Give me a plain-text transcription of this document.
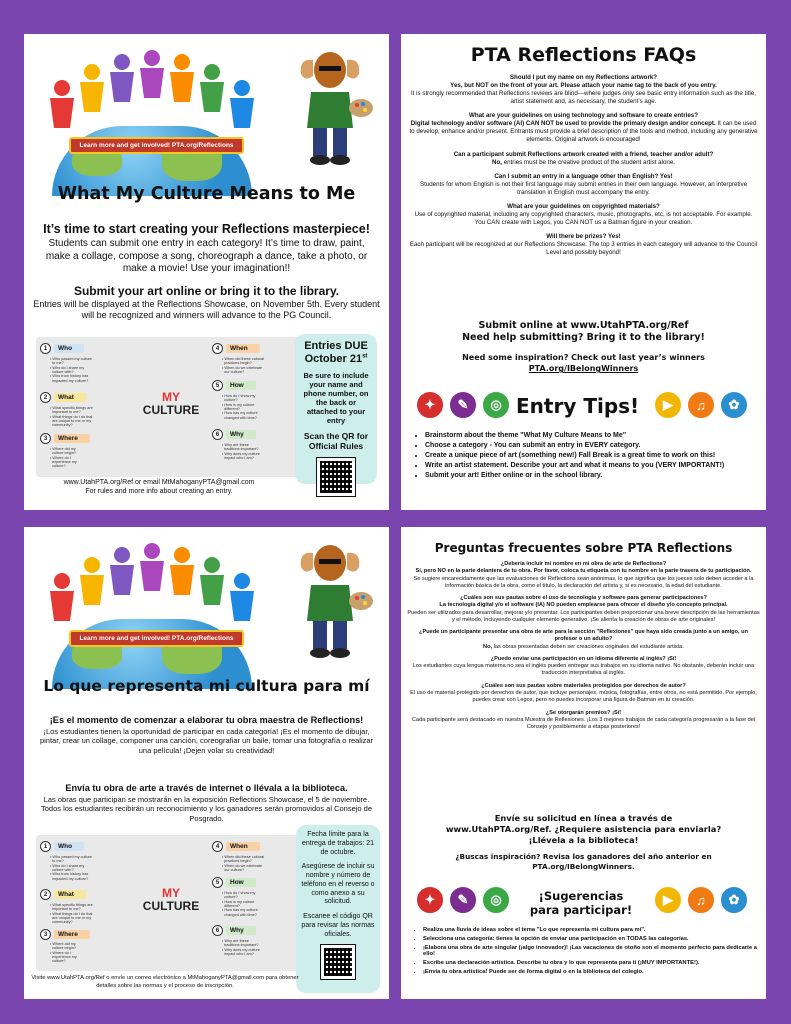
Learn more and get involved! PTA.org/Reflections
What My Culture Means to Me
It’s time to start creating your Reflections masterpiece!
Students can submit one entry in each category! It’s time to draw, paint, make a collage, compose a song, choreograph a dance, take a photo, or make a movie! Use your imagination!!
Submit your art online or bring it to the library.
Entries will be displayed at the Reflections Showcase, on November 5th. Every student will be recognized and winners will advance to the PG Council.
MY
CULTURE
1	Who
• Who passed my culture
to me?
• Who do I share my
culture with?
• Who from history has
impacted my culture?
2	What
• What specific things are
important to me?
• What things do I do that
are unique to me or my
community?
3	Where
• Where did my
culture begin?
• Where do I
experience my
culture?
4	When
• When did these cultural
practices begin?
• When do we celebrate
our culture?
5	How
• How do I show my
culture?
• How is my culture
different?
• How has my culture
changed with time?
6	Why
• Why are these
traditions important?
• Why does my culture
impact who I am?
Entries DUE
October 21st
Be sure to include your name and phone number, on the back or attached to your entry
Scan the QR for Official Rules
www.UtahPTA.org/Ref or email MtMahoganyPTA@gmail.com
For rules and more info about creating an entry.
PTA Reflections FAQs
Should I put my name on my Reflections artwork?
Yes, but NOT on the front of your art. Please attach your name tag to the back of you entry.
It is strongly recommended that Reflections reviews are blind—where judges only see basic entry information such as the title, artist statement and, as necessary, the student’s age.
What are your guidelines on using technology and software to create entries?
Digital technology and/or software (AI) CAN NOT be used to provide the primary design and/or concept. It can be used to develop, enhance and/or present. Entrants must provide a brief description of the tools and method, including any generative elements. Original artwork is encouraged!
Can a participant submit Reflections artwork created with a friend, teacher and/or adult?
No, entries must be the creative product of the student artist alone.
Can I submit an entry in a language other than English? Yes!
Students for whom English is not their first language may submit entries in their own language. However, an interpretive translation in English must accompany the entry.
What are your guidelines on copyrighted materials?
Use of copyrighted material, including any copyrighted characters, music, photographs, etc, is not acceptable. For example. You CAN create with Legos, you CAN NOT us a Batman figure in your creation.
Will there be prizes? Yes!
Each participant will be recognized at our Reflections Showcase. The top 3 entries in each category will advance to the Council Level and possibly beyond!
Submit online at www.UtahPTA.org/Ref
Need help submitting? Bring it to the library!
Need some inspiration? Check out last year’s winners
PTA.org/IBelongWinners
✦	✎	◎ Entry Tips!	▶	♫	✿
• Brainstorm about the theme "What My Culture Means to Me"
• Choose a category - You can submit an entry in EVERY category.
• Create a unique piece of art (something new!) Fall Break is a great time to work on this!
• Write an artist statement. Describe your art and what it means to you (VERY IMPORTANT!)
• Submit your art! Either online or in the school library.
Learn more and get involved! PTA.org/Reflections
Lo que representa mi cultura para mí
¡Es el momento de comenzar a elaborar tu obra maestra de Reflections!
¡Los estudiantes tienen la oportunidad de participar en cada categoría! ¡Es el momento de dibujar, pintar, crear un collage, componer una canción, coreografiar un baile, tomar una fotografía o realizar una película! ¡Dejen volar su creatividad!
Envía tu obra de arte a través de internet o llévala a la biblioteca.
Las obras que participan se mostrarán en la exposición Reflections Showcase, el 5 de noviembre. Todos los estudiantes recibirán un reconocimiento y los ganadores serán promovidos al Consejo de Posgrado.
MY
CULTURE
1	Who
• Who passed my culture
to me?
• Who do I share my
culture with?
• Who from history has
impacted my culture?
2	What
• What specific things are
important to me?
• What things do I do that
are unique to me or my
community?
3	Where
• Where did my
culture begin?
• Where do I
experience my
culture?
4	When
• When did these cultural
practices begin?
• When do we celebrate
our culture?
5	How
• How do I show my
culture?
• How is my culture
different?
• How has my culture
changed with time?
6	Why
• Why are these
traditions important?
• Why does my culture
impact who I am?
Fecha límite para la entrega de trabajos: 21 de octubre.
Asegúrese de incluir su nombre y número de teléfono en el reverso o como anexo a su solicitud.
Escanee el código QR para revisar las normas oficiales.
Visite www.UtahPTA.org/Ref o envíe un correo electrónico a MtMahoganyPTA@gmail.com para obtener detalles sobre las normas y el proceso de inscripción.
Preguntas frecuentes sobre PTA Reflections
¿Debería incluir mi nombre en mi obra de arte de Reflections?
Sí, pero NO en la parte delantera de tu obra. Por favor, coloca tu etiqueta con tu nombre en la parte trasera de tu participación.
Se sugiere encarecidamente que las evaluaciones de Reflections sean anónimas, lo que significa que los jueces solo deben acceder a la información básica de la obra, como el título, la declaración del artista y, si es necesario, la edad del estudiante.
¿Cuáles son sus pautas sobre el uso de tecnología y software para generar participaciones?
La tecnología digital y/o el software (IA) NO pueden emplearse para ofrecer el diseño y/o concepto principal.
Pueden ser utilizados para desarrollar, mejorar y/o presentar. Los participantes deben proporcionar una breve descripción de las herramientas y el método, incluyendo cualquier elemento generativo. ¡Se alienta la creación de obras de arte originales!
¿Puede un participante presentar una obra de arte para la sección "Reflexiones" que haya sido creada junto a un amigo, un profesor o un adulto?
No, las obras presentadas deben ser creaciones originales del estudiante artista.
¿Puedo enviar una participación en un idioma diferente al inglés? ¡Sí!
Los estudiantes cuya lengua materna no sea el inglés pueden entregar sus trabajos en su idioma nativo. No obstante, deberán incluir una traducción interpretativa al inglés.
¿Cuáles son sus pautas sobre materiales protegidos por derechos de autor?
El uso de material protegido por derechos de autor, que incluye personajes, música, fotografías, entre otros, no está permitido. Por ejemplo, puedes crear con Legos, pero no puedes incorporar una figura de Batman en tu creación.
¿Se otorgarán premios? ¡Sí!
Cada participante será destacado en nuestra Muestra de Reflexiones. ¡Los 3 mejores trabajos de cada categoría progresarán a la fase del Consejo y posiblemente a etapas posteriores!
Envíe su solicitud en línea a través de
www.UtahPTA.org/Ref. ¿Requiere asistencia para enviarla?
¡Llévela a la biblioteca!
¿Buscas inspiración? Revisa los ganadores del año anterior en
PTA.org/IBelongWinners.
✦	✎	◎	¡Sugerencias
para participar!
▶	♫	✿
• Realiza una lluvia de ideas sobre el tema "Lo que representa mi cultura para mí".
• Selecciona una categoría: tienes la opción de enviar una participación en TODAS las categorías.
• ¡Elabora una obra de arte singular (¡algo innovador)! ¡Las vacaciones de otoño son el momento perfecto para dedicarte a ello!
• Escribe una declaración artística. Describe tu obra y lo que representa para ti (¡MUY IMPORTANTE!).
• ¡Envía tu obra artística! Puede ser de forma digital o en la biblioteca del colegio.
